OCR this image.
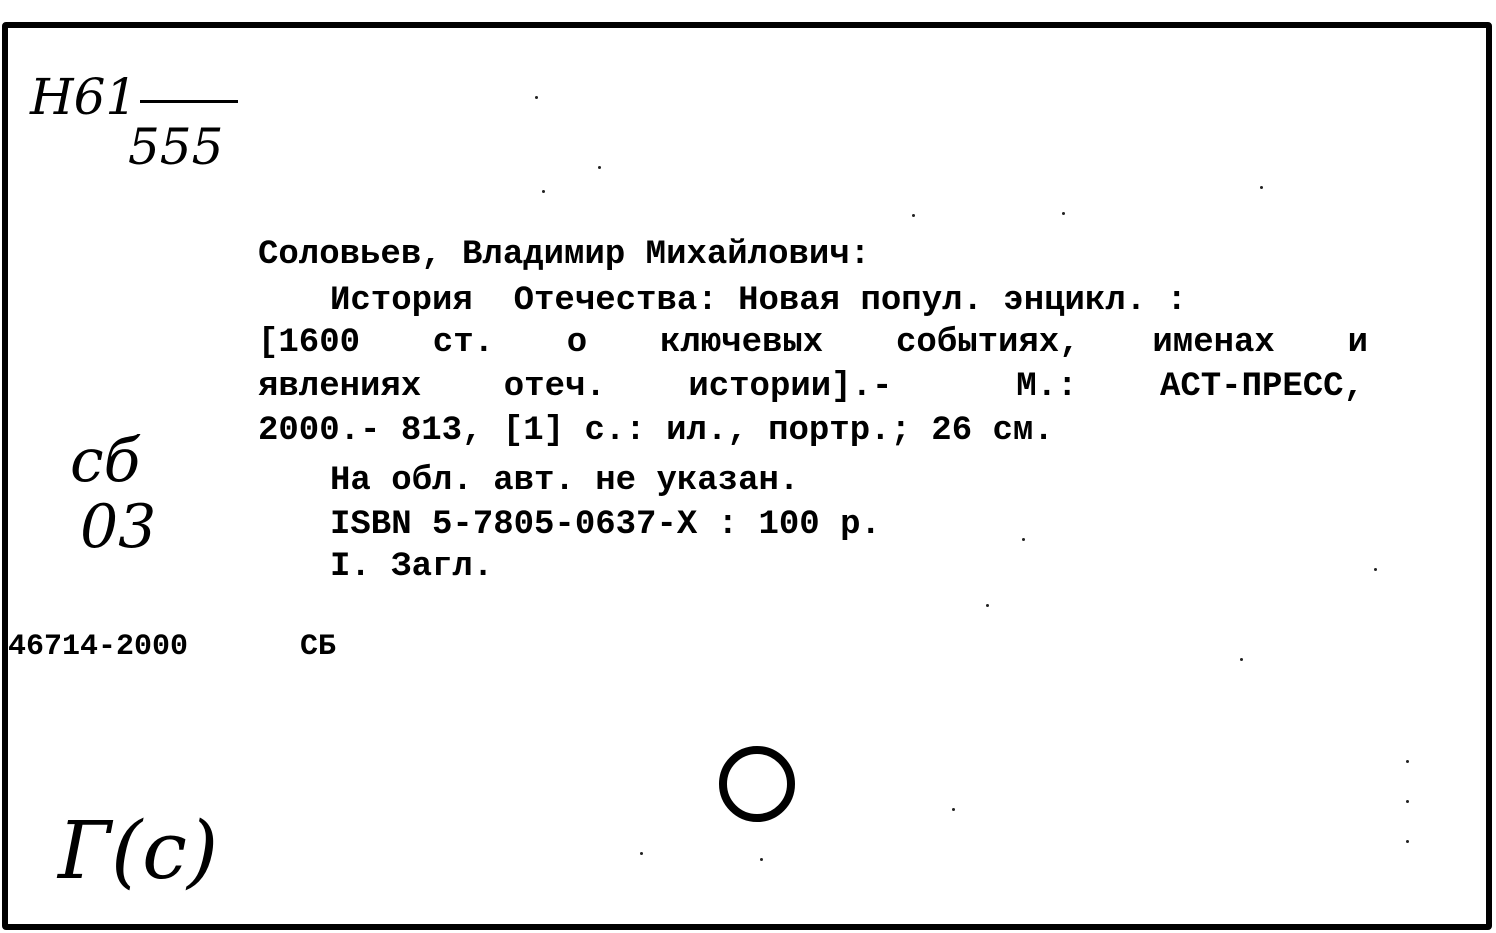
Н61
555
Соловьев, Владимир Михайлович:
История  Отечества: Новая попул. энцикл. :
[1600  ст.  о  ключевых  событиях,  именах  и
явлениях  отеч.  истории].-   М.:  АСТ-ПРЕСС,
2000.- 813, [1] с.: ил., портр.; 26 см.
На обл. авт. не указан.
ISBN 5-7805-0637-X : 100 р.
I. Загл.
46714-2000	СБ
сб
03
Г(с)
